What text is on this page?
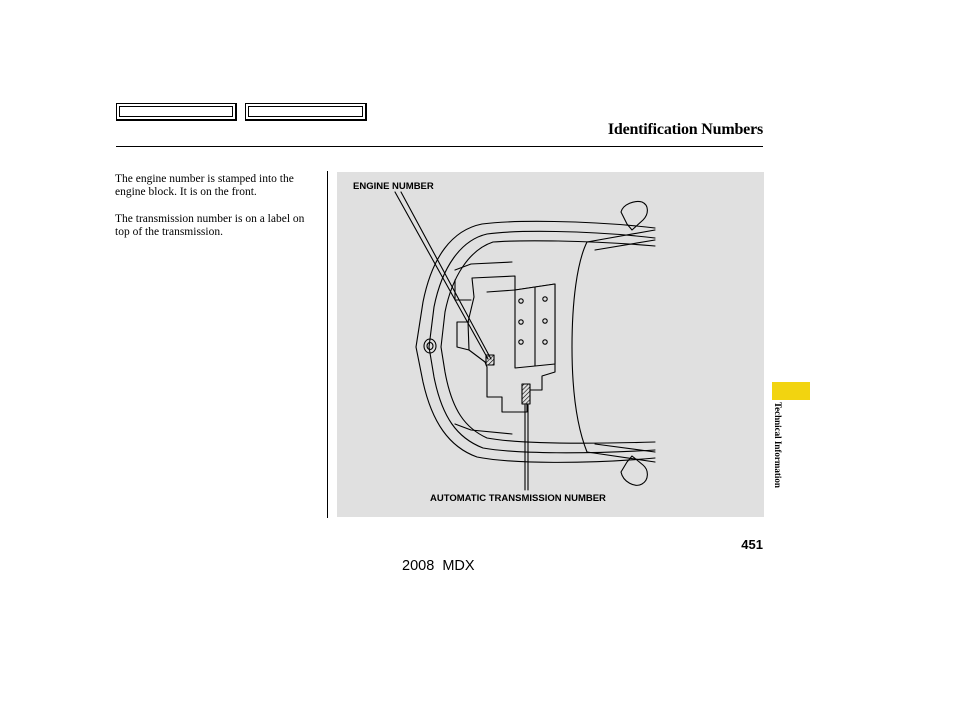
Identification Numbers

The engine number is stamped into the engine block. It is on the front.

The transmission number is on a label on top of the transmission.

ENGINE NUMBER
AUTOMATIC TRANSMISSION NUMBER
Technical Information
451
2008  MDX
